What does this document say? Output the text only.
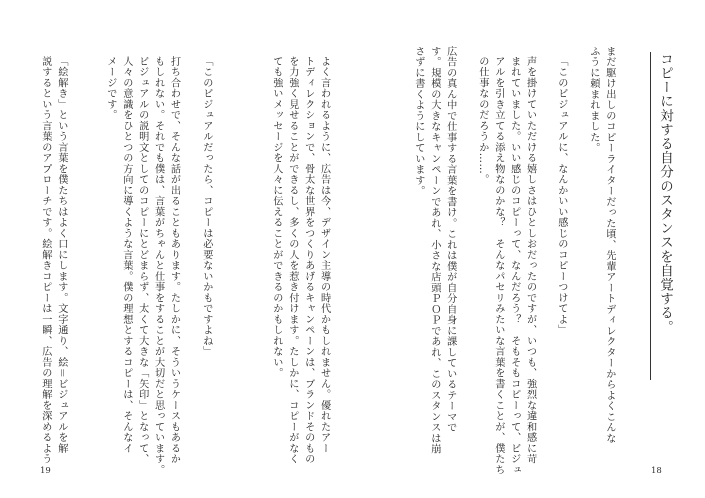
コピーに対する自分のスタンスを自覚する。
まだ駆け出しのコピーライターだった頃、先輩アートディレクターからよくこんな
ふうに頼まれました。
「このビジュアルに、なんかいい感じのコピーつけてよ」
声を掛けていただける嬉しさはひとしおだったのですが、いつも、強烈な違和感に苛
まれていました。いい感じのコピーって、なんだろう？　そもそもコピーって、ビジュ
アルを引き立てる添え物なのかな？　そんなパセリみたいな言葉を書くことが、僕たち
の仕事なのだろうか……。
広告の真ん中で仕事する言葉を書け。これは僕が自分自身に課しているテーマで
す。規模の大きなキャンペーンであれ、小さな店頭ＰＯＰであれ、このスタンスは崩
さずに書くようにしています。
18
よく言われるように、広告は今、デザイン主導の時代かもしれません。優れたアー
トディレクションで、骨太な世界をつくりあげるキャンペーンは、ブランドそのもの
を力強く見せることができるし、多くの人を惹き付けます。たしかに、コピーがなく
ても強いメッセージを人々に伝えることができるのかもしれない。
「このビジュアルだったら、コピーは必要ないかもですよね」
打ち合わせで、そんな話が出ることもあります。たしかに、そういうケースもあるか
もしれない。それでも僕は、言葉がちゃんと仕事をすることが大切だと思っています。
ビジュアルの説明文としてのコピーにとどまらず、太くて大きな「矢印」となって、
人々の意識をひとつの方向に導くような言葉。僕の理想とするコピーは、そんなイ
メージです。
「絵解き」という言葉を僕たちはよく口にします。文字通り、絵＝ビジュアルを解
説するという言葉のアプローチです。絵解きコピーは一瞬、広告の理解を深めるよう
19
